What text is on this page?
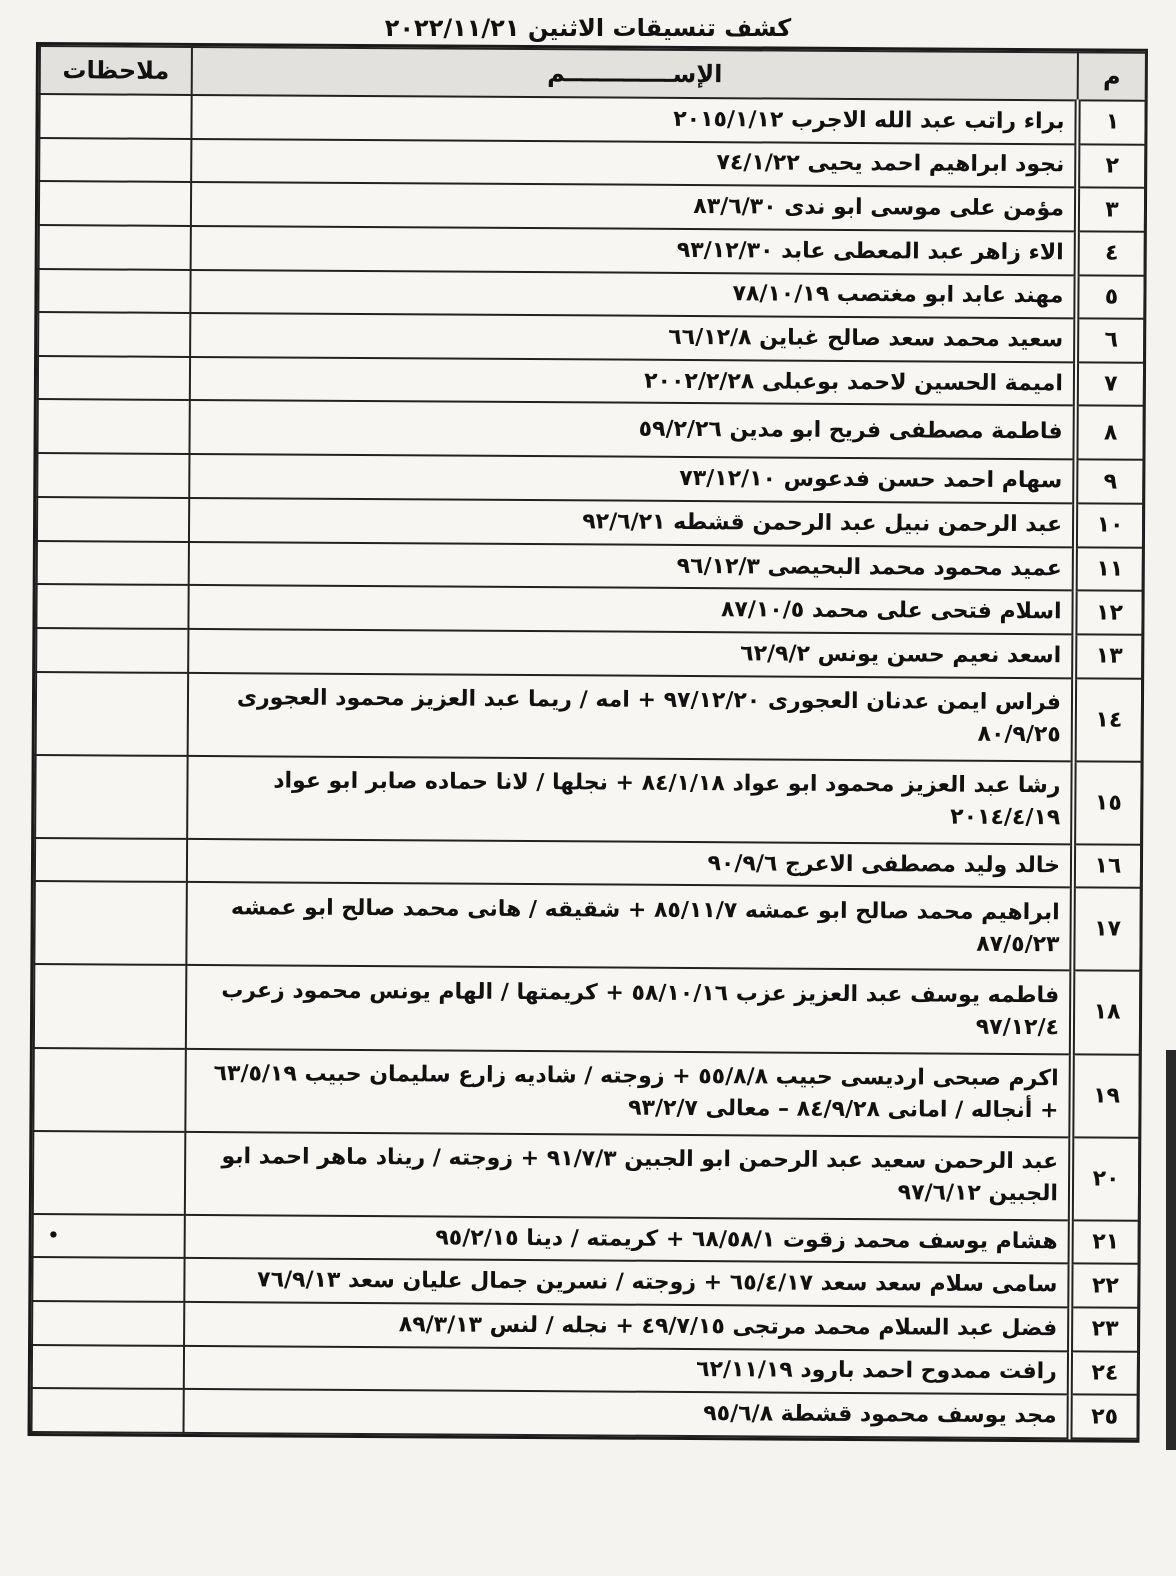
كشف تنسيقات الاثنين ٢٠٢٢/١١/٢١
م	الإســـــــــــــم	ملاحظات
١	براء راتب عبد الله الاجرب ٢٠١٥/١/١٢	
٢	نجود ابراهيم احمد يحيى ٧٤/١/٢٢	
٣	مؤمن على موسى ابو ندى ٨٣/٦/٣٠	
٤	الاء زاهر عبد المعطى عابد ٩٣/١٢/٣٠	
٥	مهند عابد ابو مغتصب ٧٨/١٠/١٩	
٦	سعيد محمد سعد صالح غباين ٦٦/١٢/٨	
٧	اميمة الحسين لاحمد بوعبلى ٢٠٠٢/٢/٢٨	
٨	فاطمة مصطفى فريح ابو مدين ٥٩/٢/٢٦	
٩	سهام احمد حسن فدعوس ٧٣/١٢/١٠	
١٠	عبد الرحمن نبيل عبد الرحمن قشطه ٩٢/٦/٢١	
١١	عميد محمود محمد البحيصى ٩٦/١٢/٣	
١٢	اسلام فتحى على محمد ٨٧/١٠/٥	
١٣	اسعد نعيم حسن يونس ٦٢/٩/٢	
١٤	فراس ايمن عدنان العجورى ٩٧/١٢/٢٠ + امه / ريما عبد العزيز محمود العجورى ٨٠/٩/٢٥	
١٥	رشا عبد العزيز محمود ابو عواد ٨٤/١/١٨ + نجلها / لانا حماده صابر ابو عواد ٢٠١٤/٤/١٩	
١٦	خالد وليد مصطفى الاعرج ٩٠/٩/٦	
١٧	ابراهيم محمد صالح ابو عمشه ٨٥/١١/٧ + شقيقه / هانى محمد صالح ابو عمشه ٨٧/٥/٢٣	
١٨	فاطمه يوسف عبد العزيز عزب ٥٨/١٠/١٦ + كريمتها / الهام يونس محمود زعرب ٩٧/١٢/٤	
١٩	اكرم صبحى اردیسى حبيب ٥٥/٨/٨ + زوجته / شادیه زارع سليمان حبيب ٦٣/٥/١٩ + أنجاله / امانى ٨٤/٩/٢٨ – معالى ٩٣/٢/٧	
٢٠	عبد الرحمن سعيد عبد الرحمن ابو الجبين ٩١/٧/٣ + زوجته / ريناد ماهر احمد ابو الجبين ٩٧/٦/١٢	
٢١	هشام يوسف محمد زقوت ٦٨/٥٨/١ + كريمته / دينا ٩٥/٢/١٥	•
٢٢	سامى سلام سعد سعد ٦٥/٤/١٧ + زوجته / نسرين جمال عليان سعد ٧٦/٩/١٣	
٢٣	فضل عبد السلام محمد مرتجى ٤٩/٧/١٥ + نجله / لنس ٨٩/٣/١٣	
٢٤	رافت ممدوح احمد بارود ٦٢/١١/١٩	
٢٥	مجد يوسف محمود قشطة ٩٥/٦/٨	
